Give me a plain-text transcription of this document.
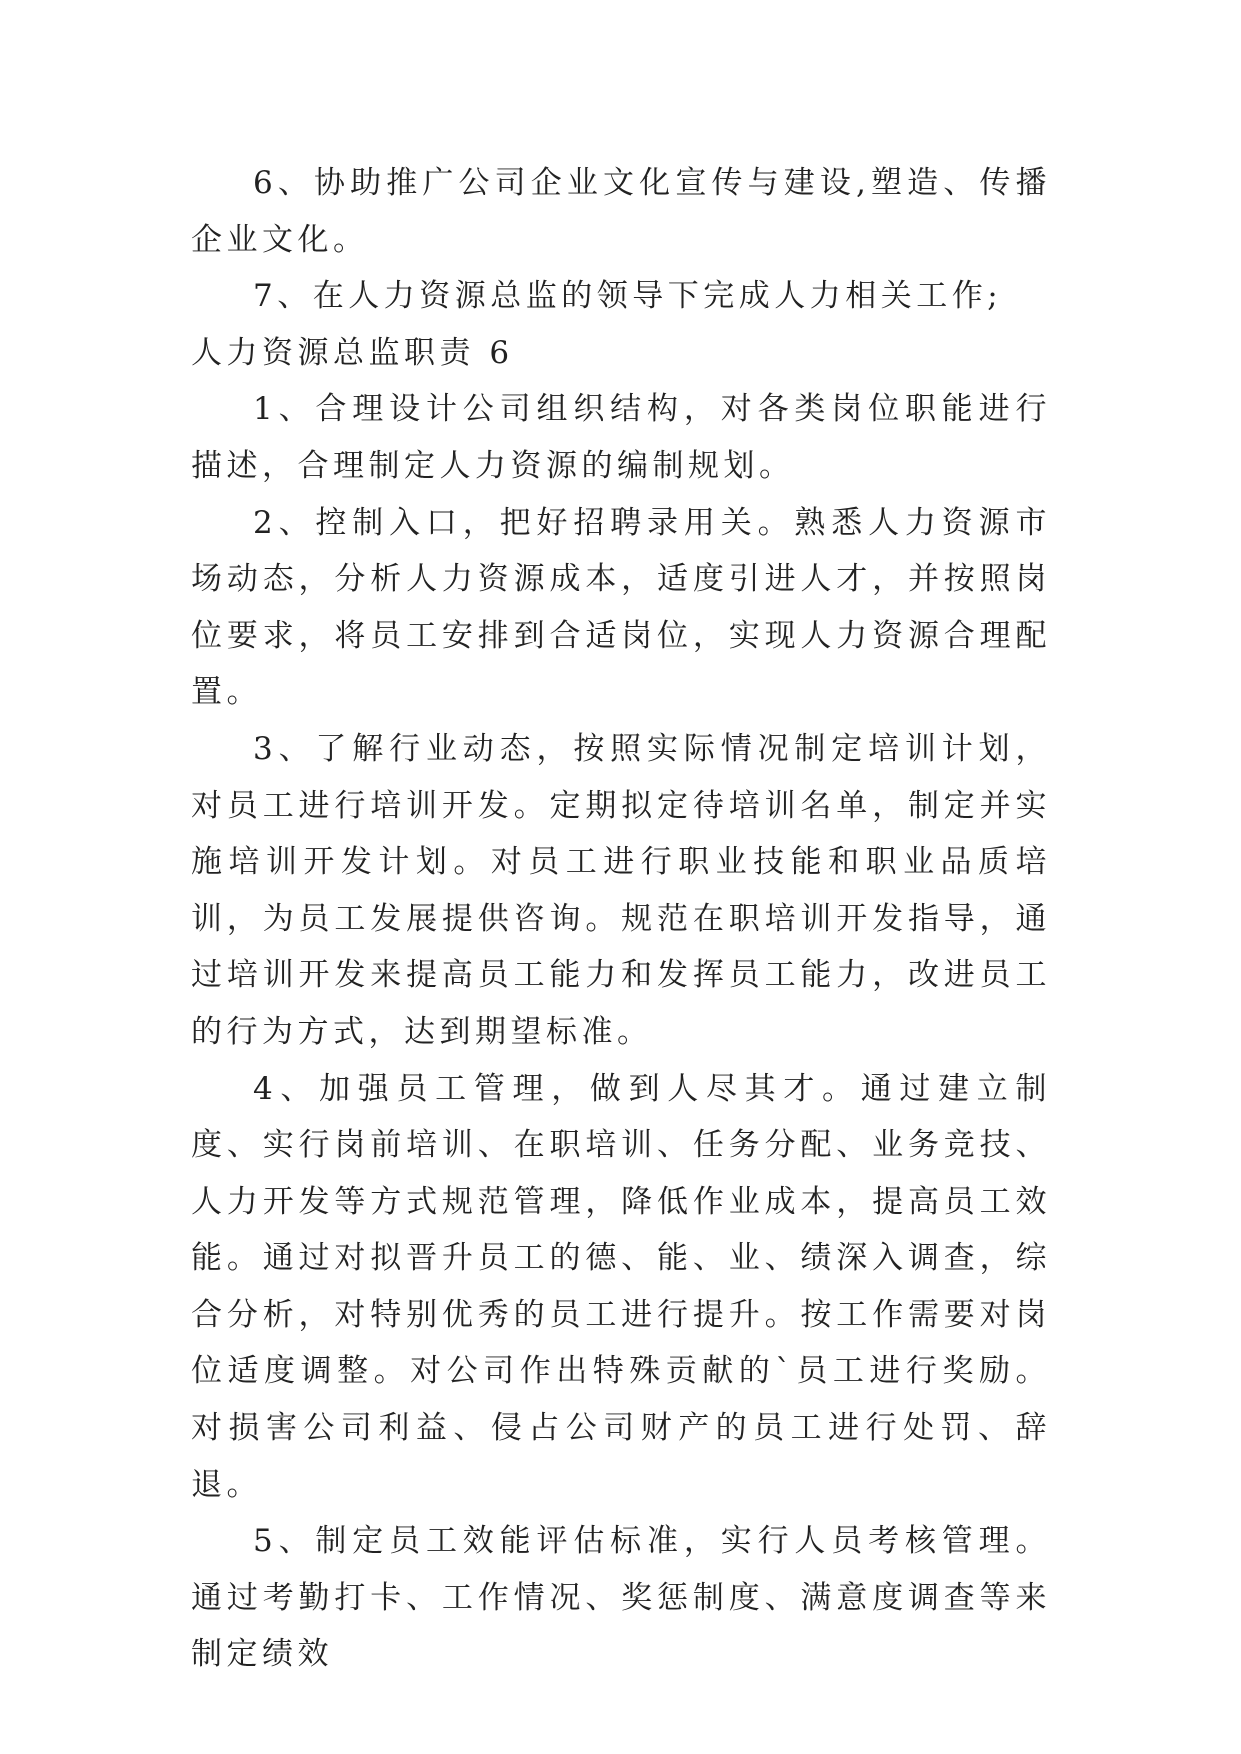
6、协助推广公司企业文化宣传与建设,塑造、传播企业文化。

7、在人力资源总监的领导下完成人力相关工作;

人力资源总监职责 6

1、合理设计公司组织结构，对各类岗位职能进行描述，合理制定人力资源的编制规划。

2、控制入口，把好招聘录用关。熟悉人力资源市场动态，分析人力资源成本，适度引进人才，并按照岗位要求，将员工安排到合适岗位，实现人力资源合理配置。

3、了解行业动态，按照实际情况制定培训计划，对员工进行培训开发。定期拟定待培训名单，制定并实施培训开发计划。对员工进行职业技能和职业品质培训，为员工发展提供咨询。规范在职培训开发指导，通过培训开发来提高员工能力和发挥员工能力，改进员工的行为方式，达到期望标准。

4、加强员工管理，做到人尽其才。通过建立制度、实行岗前培训、在职培训、任务分配、业务竞技、人力开发等方式规范管理，降低作业成本，提高员工效能。通过对拟晋升员工的德、能、业、绩深入调查，综合分析，对特别优秀的员工进行提升。按工作需要对岗位适度调整。对公司作出特殊贡献的`员工进行奖励。对损害公司利益、侵占公司财产的员工进行处罚、辞退。

5、制定员工效能评估标准，实行人员考核管理。通过考勤打卡、工作情况、奖惩制度、满意度调查等来制定绩效
